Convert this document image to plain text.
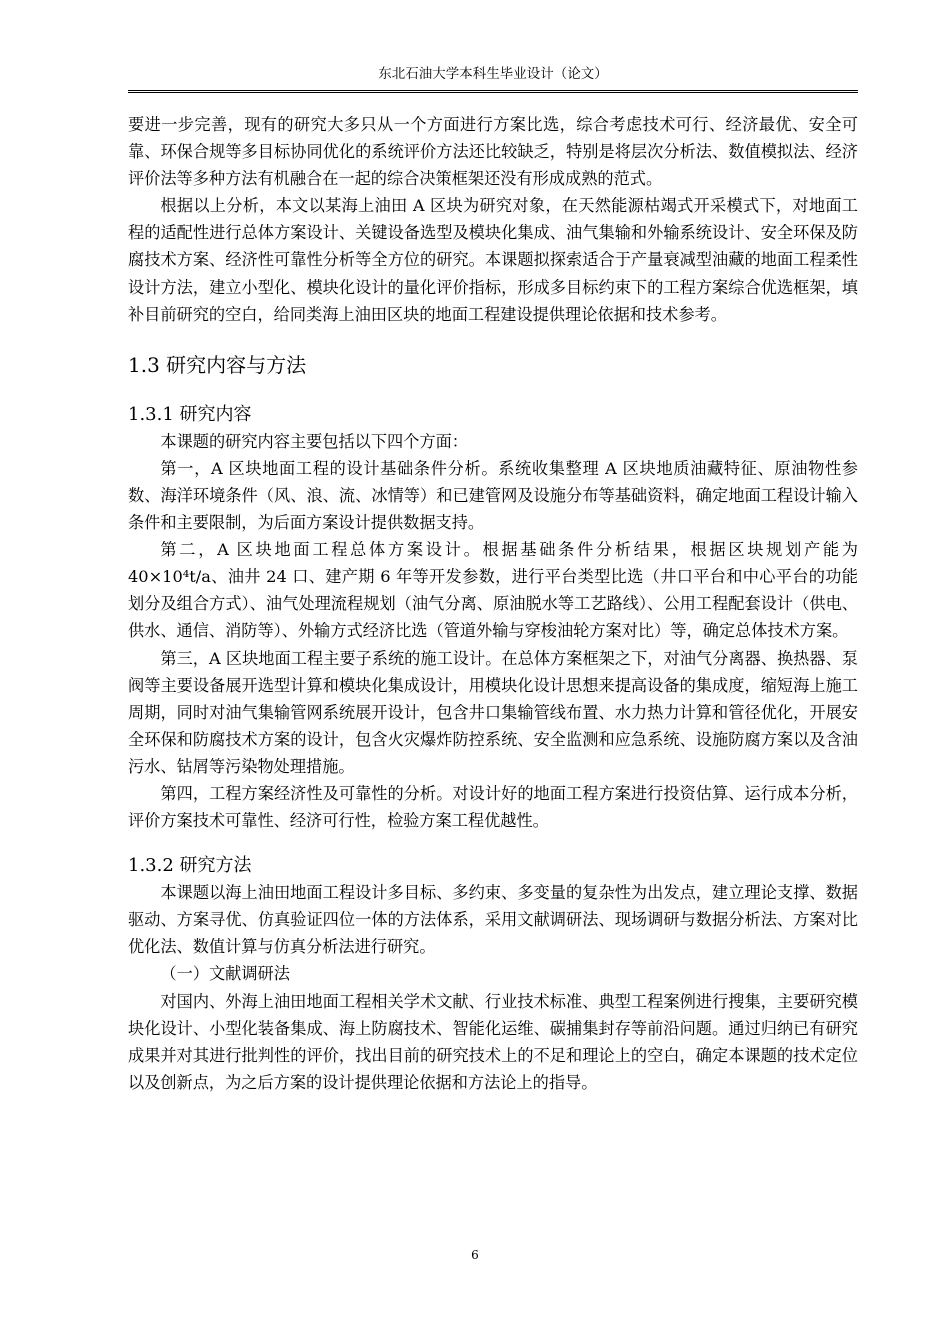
东北石油大学本科生毕业设计（论文）

要进一步完善，现有的研究大多只从一个方面进行方案比选，综合考虑技术可行、经济最优、安全可靠、环保合规等多目标协同优化的系统评价方法还比较缺乏，特别是将层次分析法、数值模拟法、经济评价法等多种方法有机融合在一起的综合决策框架还没有形成成熟的范式。

根据以上分析，本文以某海上油田 A 区块为研究对象，在天然能源枯竭式开采模式下，对地面工程的适配性进行总体方案设计、关键设备选型及模块化集成、油气集输和外输系统设计、安全环保及防腐技术方案、经济性可靠性分析等全方位的研究。本课题拟探索适合于产量衰减型油藏的地面工程柔性设计方法，建立小型化、模块化设计的量化评价指标，形成多目标约束下的工程方案综合优选框架，填补目前研究的空白，给同类海上油田区块的地面工程建设提供理论依据和技术参考。

1.3 研究内容与方法
1.3.1 研究内容

本课题的研究内容主要包括以下四个方面：

第一，A 区块地面工程的设计基础条件分析。系统收集整理 A 区块地质油藏特征、原油物性参数、海洋环境条件（风、浪、流、冰情等）和已建管网及设施分布等基础资料，确定地面工程设计输入条件和主要限制，为后面方案设计提供数据支持。

第二，A 区块地面工程总体方案设计。根据基础条件分析结果，根据区块规划产能为 40×10⁴t/a、油井 24 口、建产期 6 年等开发参数，进行平台类型比选（井口平台和中心平台的功能划分及组合方式）、油气处理流程规划（油气分离、原油脱水等工艺路线）、公用工程配套设计（供电、供水、通信、消防等）、外输方式经济比选（管道外输与穿梭油轮方案对比）等，确定总体技术方案。

第三，A 区块地面工程主要子系统的施工设计。在总体方案框架之下，对油气分离器、换热器、泵阀等主要设备展开选型计算和模块化集成设计，用模块化设计思想来提高设备的集成度，缩短海上施工周期，同时对油气集输管网系统展开设计，包含井口集输管线布置、水力热力计算和管径优化，开展安全环保和防腐技术方案的设计，包含火灾爆炸防控系统、安全监测和应急系统、设施防腐方案以及含油污水、钻屑等污染物处理措施。

第四，工程方案经济性及可靠性的分析。对设计好的地面工程方案进行投资估算、运行成本分析，评价方案技术可靠性、经济可行性，检验方案工程优越性。

1.3.2 研究方法

本课题以海上油田地面工程设计多目标、多约束、多变量的复杂性为出发点，建立理论支撑、数据驱动、方案寻优、仿真验证四位一体的方法体系，采用文献调研法、现场调研与数据分析法、方案对比优化法、数值计算与仿真分析法进行研究。

（一）文献调研法

对国内、外海上油田地面工程相关学术文献、行业技术标准、典型工程案例进行搜集，主要研究模块化设计、小型化装备集成、海上防腐技术、智能化运维、碳捕集封存等前沿问题。通过归纳已有研究成果并对其进行批判性的评价，找出目前的研究技术上的不足和理论上的空白，确定本课题的技术定位以及创新点，为之后方案的设计提供理论依据和方法论上的指导。

6
